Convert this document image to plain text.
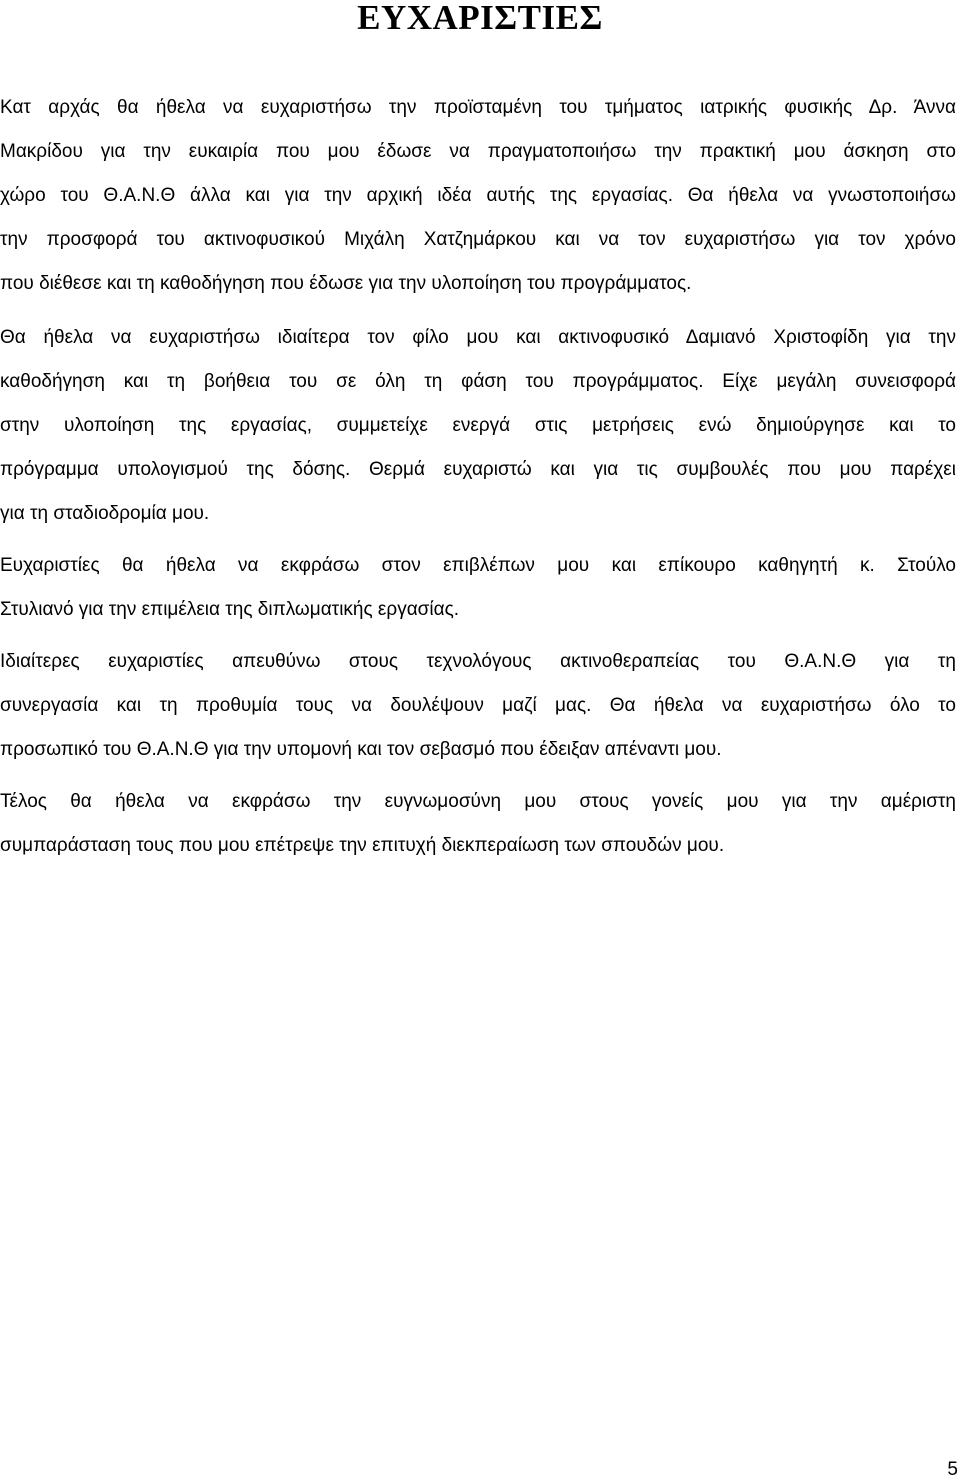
ΕΥΧΑΡΙΣΤΙΕΣ
Κατ αρχάς θα ήθελα να ευχαριστήσω την προϊσταμένη του τμήματος ιατρικής φυσικής Δρ. Άννα
Μακρίδου για την ευκαιρία που μου έδωσε να πραγματοποιήσω την πρακτική μου άσκηση στο
χώρο του Θ.Α.Ν.Θ άλλα και για την αρχική ιδέα αυτής της εργασίας. Θα ήθελα να γνωστοποιήσω
την προσφορά του ακτινοφυσικού Μιχάλη Χατζημάρκου και να τον ευχαριστήσω για τον χρόνο
που διέθεσε και τη καθοδήγηση που έδωσε για την υλοποίηση του προγράμματος.
Θα ήθελα να ευχαριστήσω ιδιαίτερα τον φίλο μου και ακτινοφυσικό Δαμιανό Χριστοφίδη για την
καθοδήγηση και τη βοήθεια του σε όλη τη φάση του προγράμματος. Είχε μεγάλη συνεισφορά
στην υλοποίηση της εργασίας, συμμετείχε ενεργά στις μετρήσεις ενώ δημιούργησε και το
πρόγραμμα υπολογισμού της δόσης. Θερμά ευχαριστώ και για τις συμβουλές που μου παρέχει
για τη σταδιοδρομία μου.
Ευχαριστίες θα ήθελα να εκφράσω στον επιβλέπων μου και επίκουρο καθηγητή κ. Στούλο
Στυλιανό για την επιμέλεια της διπλωματικής εργασίας.
Ιδιαίτερες ευχαριστίες απευθύνω στους τεχνολόγους ακτινοθεραπείας του Θ.Α.Ν.Θ για τη
συνεργασία και τη προθυμία τους να δουλέψουν μαζί μας. Θα ήθελα να ευχαριστήσω όλο το
προσωπικό του Θ.Α.Ν.Θ για την υπομονή και τον σεβασμό που έδειξαν απέναντι μου.
Τέλος θα ήθελα να εκφράσω την ευγνωμοσύνη μου στους γονείς μου για την αμέριστη
συμπαράσταση τους που μου επέτρεψε την επιτυχή διεκπεραίωση των σπουδών μου.
5
